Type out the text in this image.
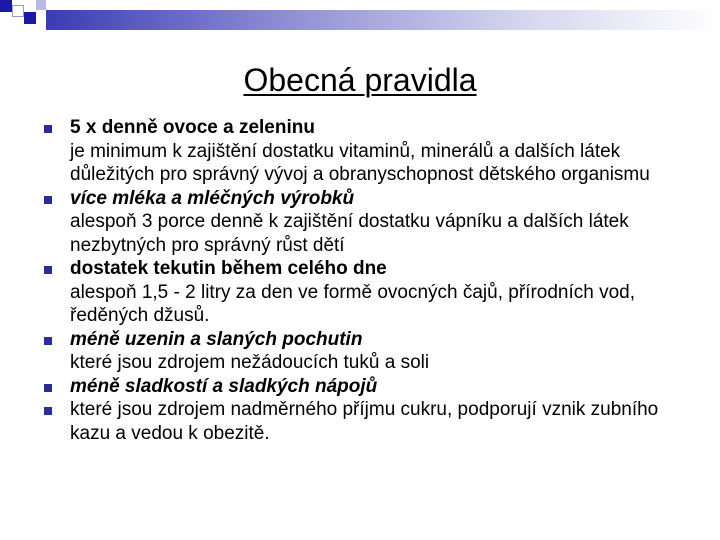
Obecná pravidla
5 x denně ovoce a zeleninu
je minimum k zajištění dostatku vitaminů, minerálů a dalších látek důležitých pro správný vývoj a obranyschopnost dětského organismu
více mléka a mléčných výrobků
alespoň 3 porce denně k zajištění dostatku vápníku a dalších látek nezbytných pro správný růst dětí
dostatek tekutin během celého dne
alespoň 1,5 - 2 litry za den ve formě ovocných čajů, přírodních vod, ředěných džusů.
méně uzenin a slaných pochutin
které jsou zdrojem nežádoucích tuků a soli
méně sladkostí a sladkých nápojů
které jsou zdrojem nadměrného příjmu cukru, podporují vznik zubního kazu a vedou k obezitě.
